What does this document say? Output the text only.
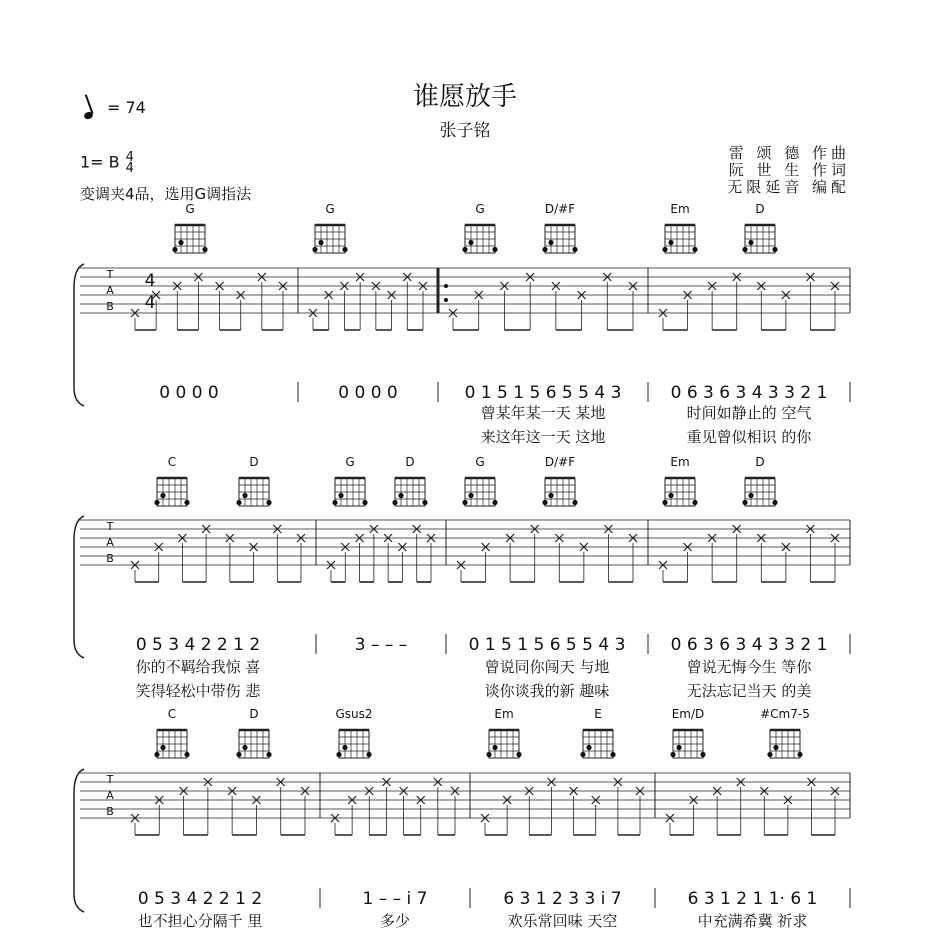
谁愿放手
张子铭
= 74
1= B 4
4
变调夹4品，选用G调指法
雷 颂 德 作曲
阮 世 生 作词
无限延音 编配
G	G	G	D/#F	Em	D
T
A
B
0 0 0 0	0 0 0 0	0 1 5 1 5 6 5 5 4 3	0 6 3 6 3 4 3 3 2 1
曾某年某一天 某地	时间如静止的 空气
来这年这一天 这地	重见曾似相识 的你
4
4
C	D	G	D	G	D/#F	Em	D
T
A
B
0 5 3 4 2 2 1 2	3 – – –	0 1 5 1 5 6 5 5 4 3	0 6 3 6 3 4 3 3 2 1
你的不羁给我惊 喜	曾说同你闯天 与地	曾说无悔今生 等你
笑得轻松中带伤 悲	谈你谈我的新 趣味	无法忘记当天 的美
C	D	Gsus2	Em	E	Em/D	#Cm7-5
T
A
B
0 5 3 4 2 2 1 2	1 – – i 7	6 3 1 2 3 3 i 7	6 3 1 2 1 1· 6 1
也不担心分隔千 里	多少	欢乐常回味 天空	中充满希冀 祈求
